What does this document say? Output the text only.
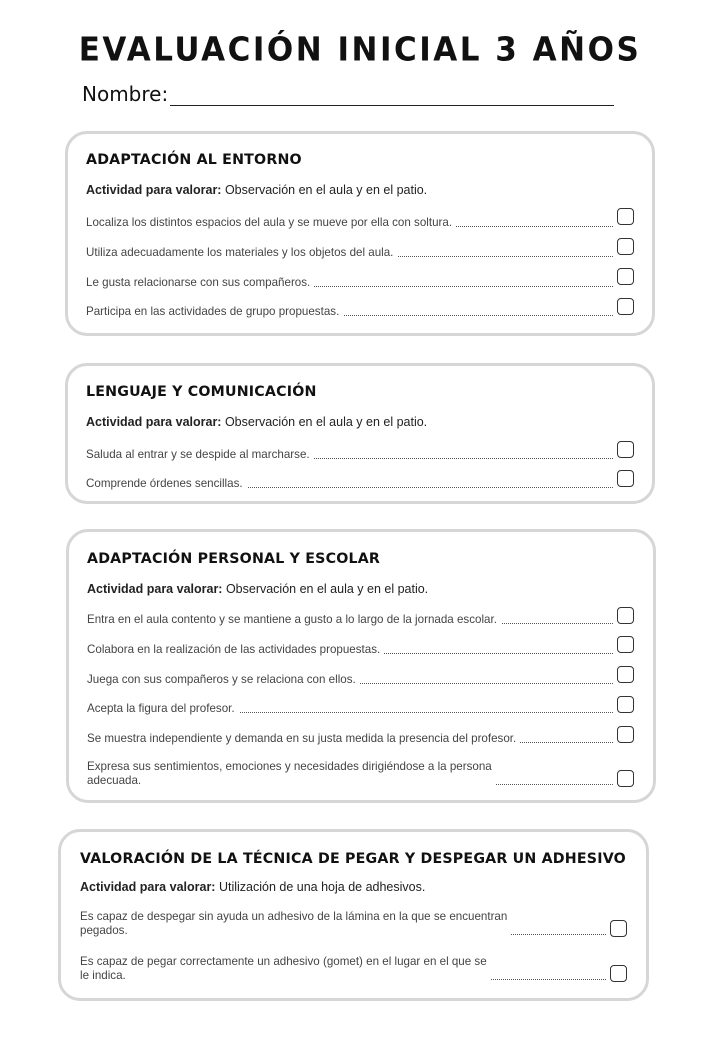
EVALUACIÓN INICIAL 3 AÑOS
Nombre:
ADAPTACIÓN AL ENTORNO
Actividad para valorar: Observación en el aula y en el patio.
Localiza los distintos espacios del aula y se mueve por ella con soltura.
Utiliza adecuadamente los materiales y los objetos del aula.
Le gusta relacionarse con sus compañeros.
Participa en las actividades de grupo propuestas.
LENGUAJE Y COMUNICACIÓN
Actividad para valorar: Observación en el aula y en el patio.
Saluda al entrar y se despide al marcharse.
Comprende órdenes sencillas.
ADAPTACIÓN PERSONAL Y ESCOLAR
Actividad para valorar: Observación en el aula y en el patio.
Entra en el aula contento y se mantiene a gusto a lo largo de la jornada escolar.
Colabora en la realización de las actividades propuestas.
Juega con sus compañeros y se relaciona con ellos.
Acepta la figura del profesor.
Se muestra independiente y demanda en su justa medida la presencia del profesor.
Expresa sus sentimientos, emociones y necesidades dirigiéndose a la persona
adecuada.
VALORACIÓN DE LA TÉCNICA DE PEGAR Y DESPEGAR UN ADHESIVO
Actividad para valorar: Utilización de una hoja de adhesivos.
Es capaz de despegar sin ayuda un adhesivo de la lámina en la que se encuentran
pegados.
Es capaz de pegar correctamente un adhesivo (gomet) en el lugar en el que se
le indica.
